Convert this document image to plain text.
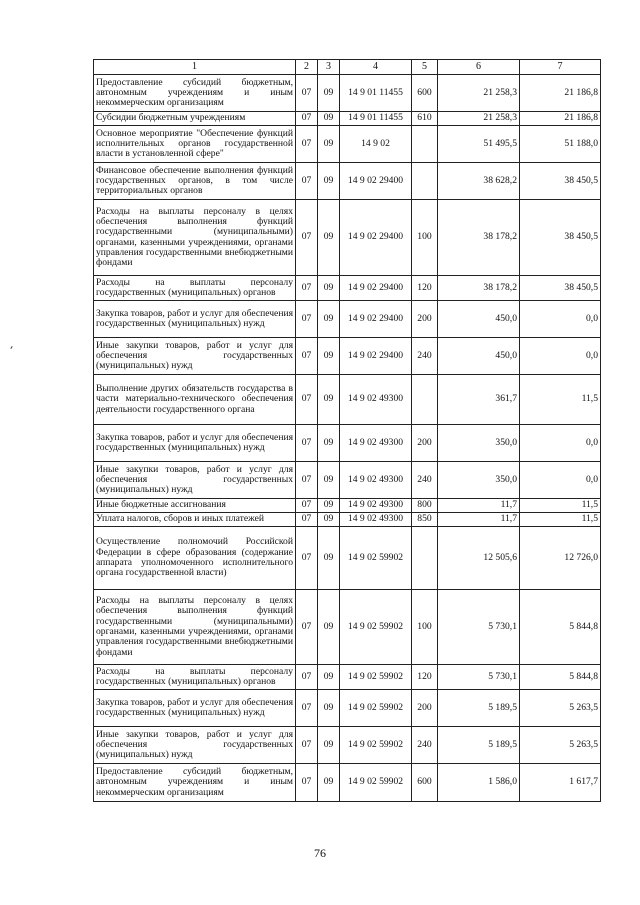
1	2	3	4	5	6	7
Предоставление субсидий бюджетным, автономным учреждениям и иным некоммерческим организациям	07	09	14 9 01 11455	600	21 258,3	21 186,8
Субсидии бюджетным учреждениям	07	09	14 9 01 11455	610	21 258,3	21 186,8
Основное мероприятие "Обеспечение функций исполнительных органов государственной власти в установленной сфере"	07	09	14 9 02		51 495,5	51 188,0
Финансовое обеспечение выполнения функций государственных органов, в том числе территориальных органов	07	09	14 9 02 29400		38 628,2	38 450,5
Расходы на выплаты персоналу в целях обеспечения выполнения функций государственными (муниципальными) органами, казенными учреждениями, органами управления государственными внебюджетными фондами	07	09	14 9 02 29400	100	38 178,2	38 450,5
Расходы на выплаты персоналу государственных (муниципальных) органов	07	09	14 9 02 29400	120	38 178,2	38 450,5
Закупка товаров, работ и услуг для обеспечения государственных (муниципальных) нужд	07	09	14 9 02 29400	200	450,0	0,0
Иные закупки товаров, работ и услуг для обеспечения государственных (муниципальных) нужд	07	09	14 9 02 29400	240	450,0	0,0
Выполнение других обязательств государства в части материально-технического обеспечения деятельности государственного органа	07	09	14 9 02 49300		361,7	11,5
Закупка товаров, работ и услуг для обеспечения государственных (муниципальных) нужд	07	09	14 9 02 49300	200	350,0	0,0
Иные закупки товаров, работ и услуг для обеспечения государственных (муниципальных) нужд	07	09	14 9 02 49300	240	350,0	0,0
Иные бюджетные ассигнования	07	09	14 9 02 49300	800	11,7	11,5
Уплата налогов, сборов и иных платежей	07	09	14 9 02 49300	850	11,7	11,5
Осуществление полномочий Российской Федерации в сфере образования (содержание аппарата уполномоченного исполнительного органа государственной власти)	07	09	14 9 02 59902		12 505,6	12 726,0
Расходы на выплаты персоналу в целях обеспечения выполнения функций государственными (муниципальными) органами, казенными учреждениями, органами управления государственными внебюджетными фондами	07	09	14 9 02 59902	100	5 730,1	5 844,8
Расходы на выплаты персоналу государственных (муниципальных) органов	07	09	14 9 02 59902	120	5 730,1	5 844,8
Закупка товаров, работ и услуг для обеспечения государственных (муниципальных) нужд	07	09	14 9 02 59902	200	5 189,5	5 263,5
Иные закупки товаров, работ и услуг для обеспечения государственных (муниципальных) нужд	07	09	14 9 02 59902	240	5 189,5	5 263,5
Предоставление субсидий бюджетным, автономным учреждениям и иным некоммерческим организациям	07	09	14 9 02 59902	600	1 586,0	1 617,7
76
